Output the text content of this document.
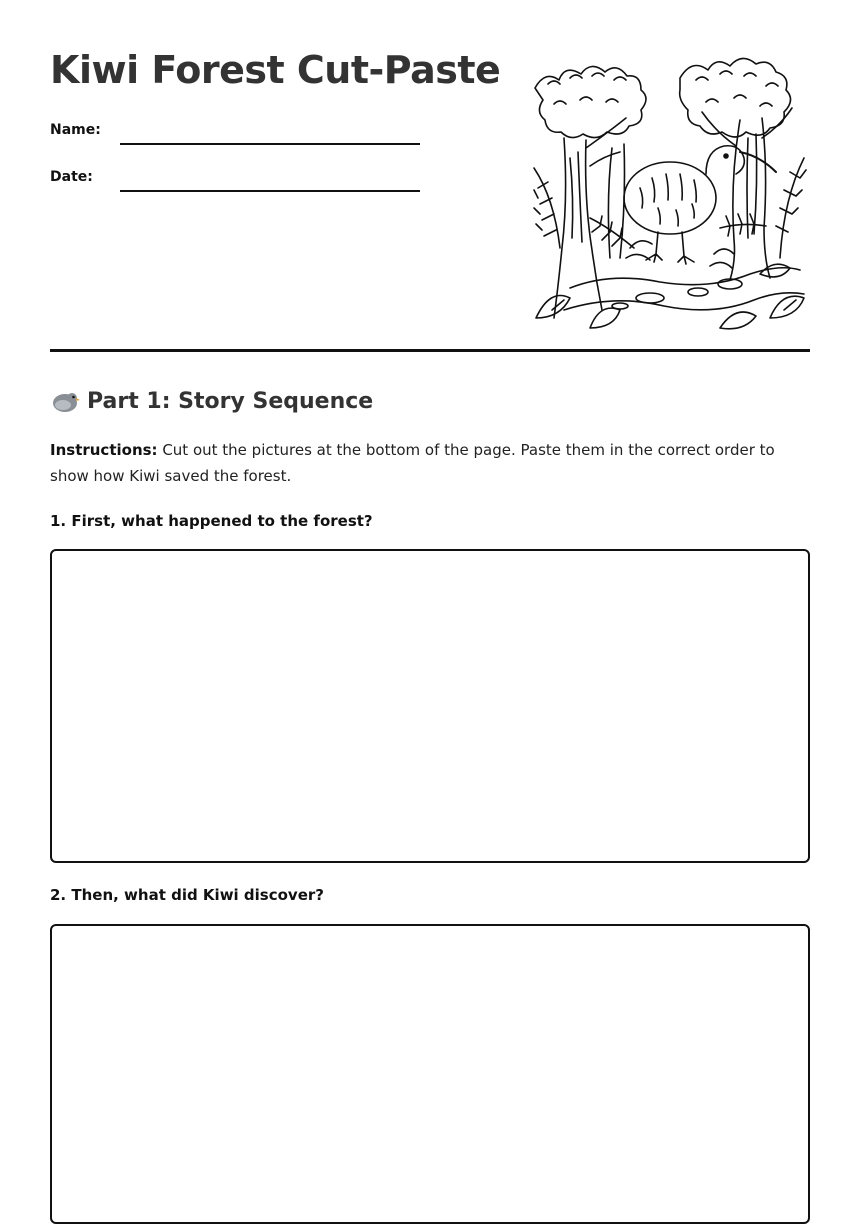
Kiwi Forest Cut-Paste
Name:
Date:
Part 1: Story Sequence

Instructions: Cut out the pictures at the bottom of the page. Paste them in the correct order to show how Kiwi saved the forest.

1. First, what happened to the forest?

2. Then, what did Kiwi discover?
